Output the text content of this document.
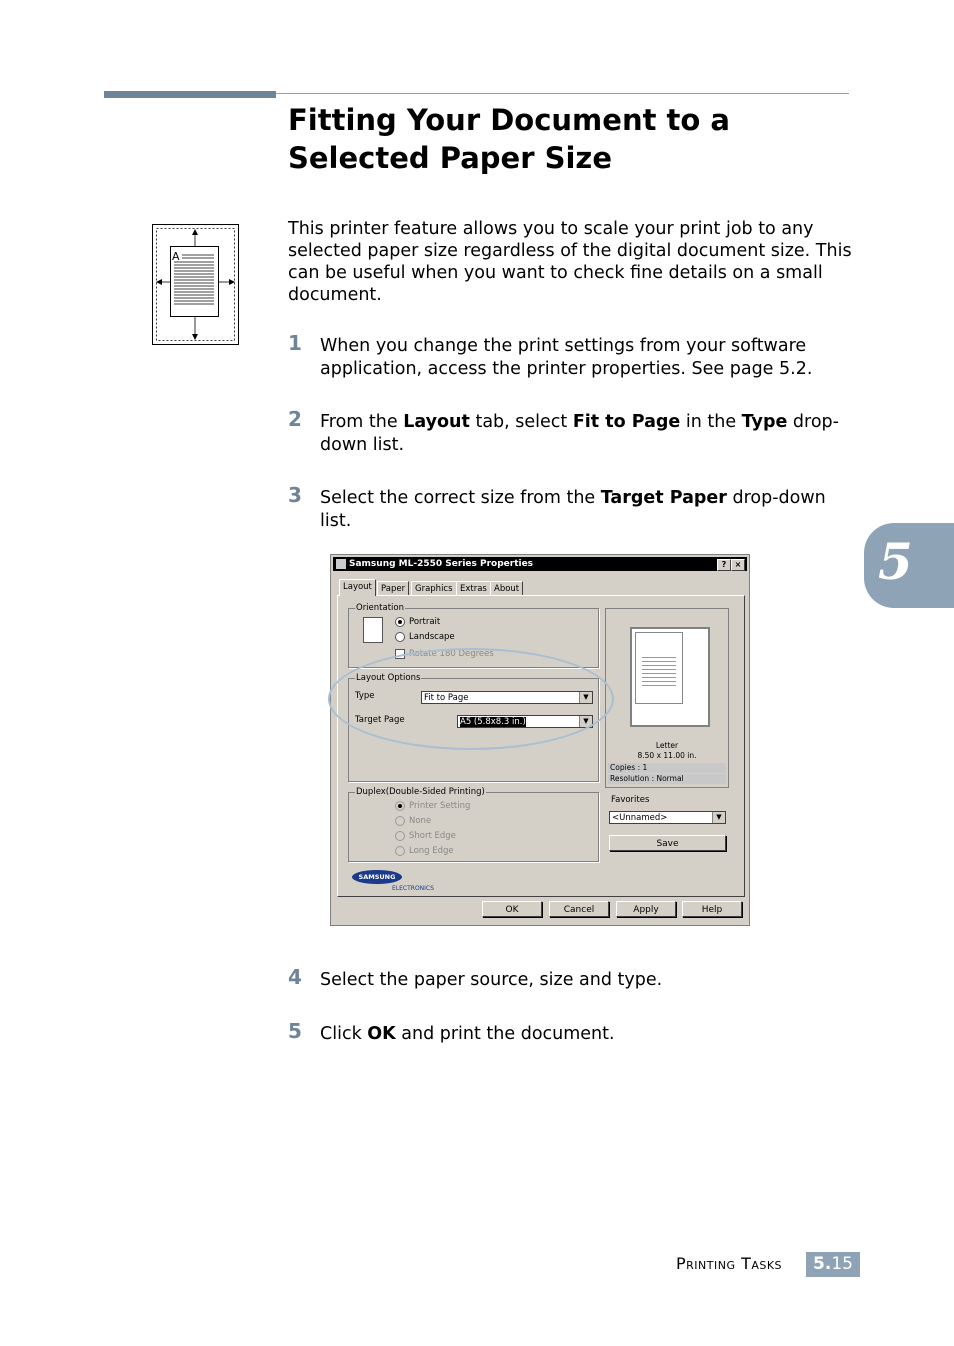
Fitting Your Document to a Selected Paper Size
A

This printer feature allows you to scale your print job to any selected paper size regardless of the digital document size. This can be useful when you want to check fine details on a small document.

1 When you change the print settings from your software application, access the printer properties. See page 5.2.
2 From the Layout tab, select Fit to Page in the Type drop-down list.
3 Select the correct size from the Target Paper drop-down list.
4 Select the paper source, size and type.
5 Click OK and print the document.
Samsung ML-2550 Series Properties	?	×
Layout	Paper	Graphics Extras About
Orientation
Portrait
Landscape
Rotate 180 Degrees
Layout Options
Type	Fit to Page	▼
Target Page	A5 (5.8x8.3 in.)	▼
Duplex(Double-Sided Printing)
Printer Setting
None
Short Edge
Long Edge
SAMSUNG
ELECTRONICS
Letter
8.50 x 11.00 in.
Copies : 1
Resolution : Normal
Favorites
<Unnamed>	▼
Save
OK	Cancel	Apply	Help
5
Printing Tasks	5.15
